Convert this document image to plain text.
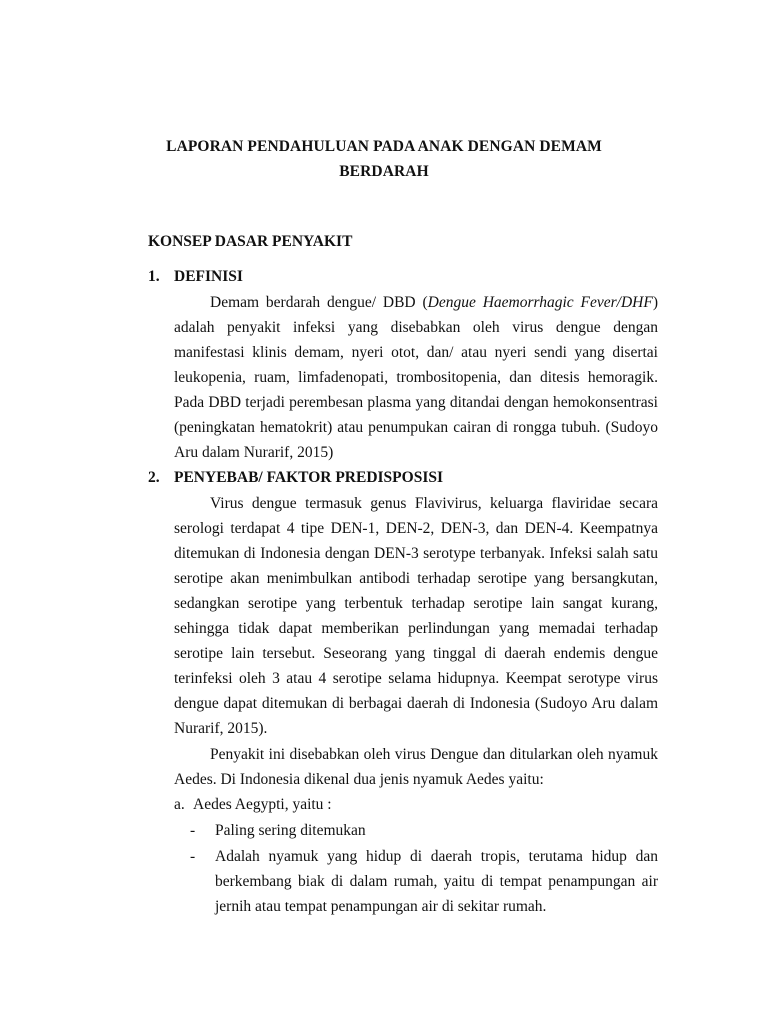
LAPORAN PENDAHULUAN PADA ANAK DENGAN DEMAM
BERDARAH
KONSEP DASAR PENYAKIT
1. DEFINISI
Demam berdarah dengue/ DBD (Dengue Haemorrhagic Fever/DHF)
adalah penyakit infeksi yang disebabkan oleh virus dengue dengan
manifestasi klinis demam, nyeri otot, dan/ atau nyeri sendi yang disertai
leukopenia, ruam, limfadenopati, trombositopenia, dan ditesis hemoragik.
Pada DBD terjadi perembesan plasma yang ditandai dengan hemokonsentrasi
(peningkatan hematokrit) atau penumpukan cairan di rongga tubuh. (Sudoyo
Aru dalam Nurarif, 2015)
2. PENYEBAB/ FAKTOR PREDISPOSISI
Virus dengue termasuk genus Flavivirus, keluarga flaviridae secara
serologi terdapat 4 tipe DEN-1, DEN-2, DEN-3, dan DEN-4. Keempatnya
ditemukan di Indonesia dengan DEN-3 serotype terbanyak. Infeksi salah satu
serotipe akan menimbulkan antibodi terhadap serotipe yang bersangkutan,
sedangkan serotipe yang terbentuk terhadap serotipe lain sangat kurang,
sehingga tidak dapat memberikan perlindungan yang memadai terhadap
serotipe lain tersebut. Seseorang yang tinggal di daerah endemis dengue
terinfeksi oleh 3 atau 4 serotipe selama hidupnya. Keempat serotype virus
dengue dapat ditemukan di berbagai daerah di Indonesia (Sudoyo Aru dalam
Nurarif, 2015).
Penyakit ini disebabkan oleh virus Dengue dan ditularkan oleh nyamuk
Aedes. Di Indonesia dikenal dua jenis nyamuk Aedes yaitu:
a. Aedes Aegypti, yaitu :
- Paling sering ditemukan
- Adalah nyamuk yang hidup di daerah tropis, terutama hidup dan
berkembang biak di dalam rumah, yaitu di tempat penampungan air
jernih atau tempat penampungan air di sekitar rumah.
